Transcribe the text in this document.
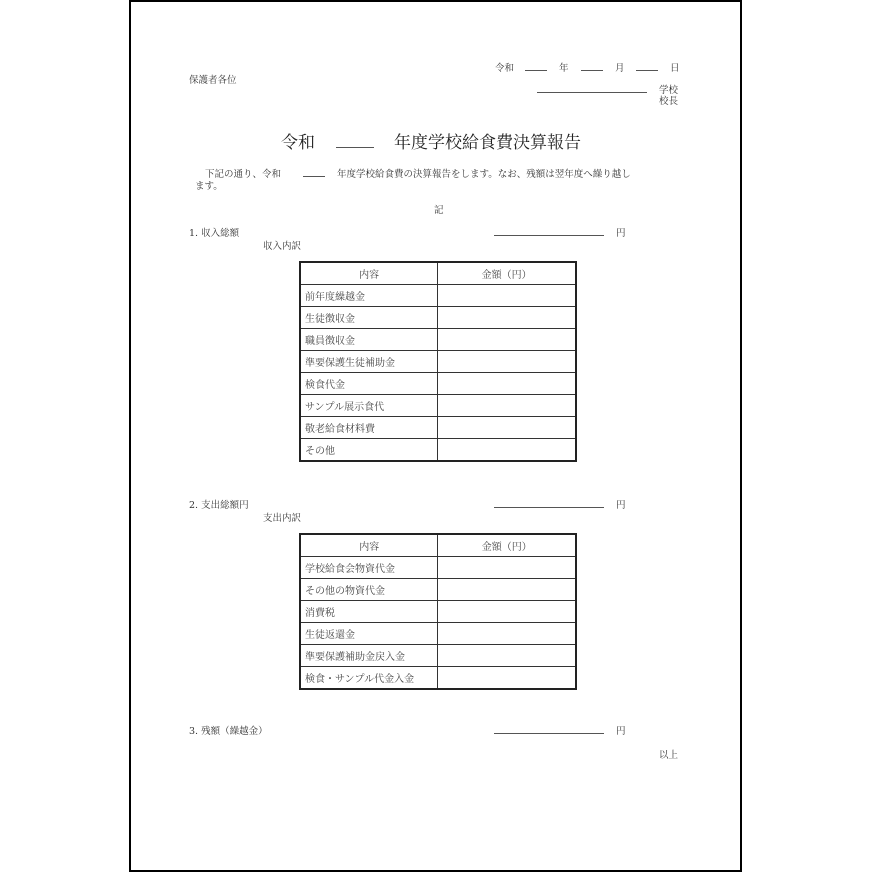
保護者各位
令和	年	月	日
学校
校長
令和	年度学校給食費決算報告
下記の通り、令和	年度学校給食費の決算報告をします。なお、残額は翌年度へ繰り越し
ます。
記
1. 収入総額	円
収入内訳
内容	金額（円）
前年度繰越金	
生徒徴収金	
職員徴収金	
準要保護生徒補助金	
検食代金	
サンプル展示食代	
敬老給食材料費	
その他	
2. 支出総額円	円
支出内訳
内容	金額（円）
学校給食会物資代金	
その他の物資代金	
消費税	
生徒返還金	
準要保護補助金戻入金	
検食・サンプル代金入金	
3. 残額（繰越金）	円
以上
